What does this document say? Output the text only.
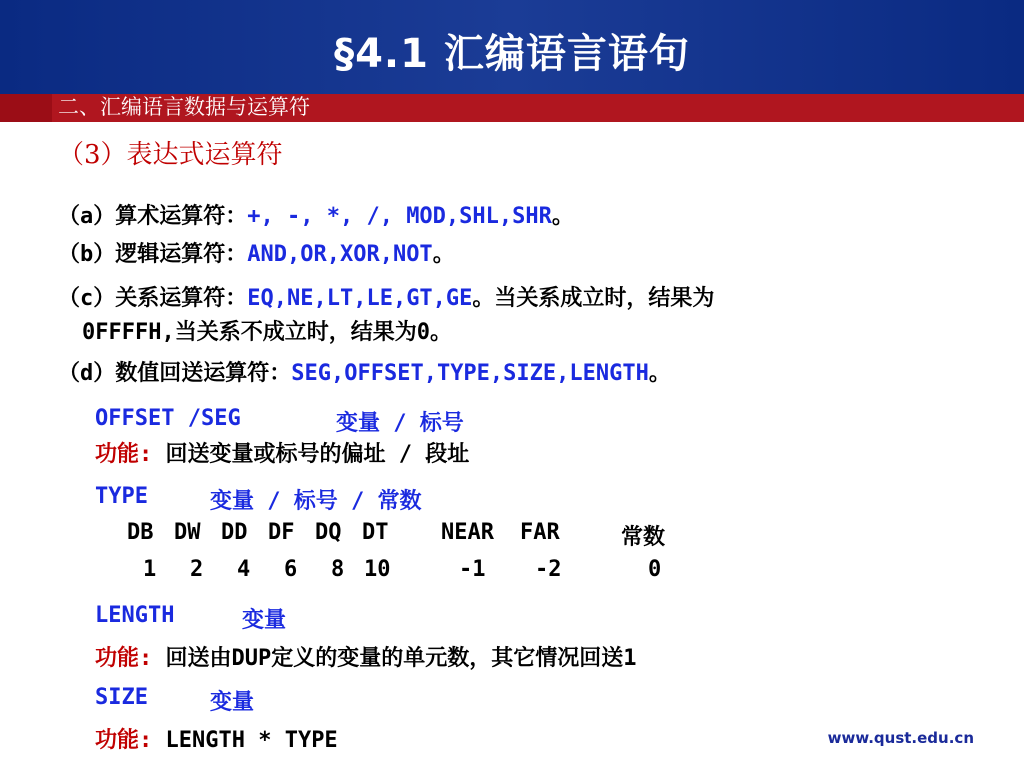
§4.1 汇编语言语句
二、汇编语言数据与运算符
（3）表达式运算符
（a）算术运算符：+, -, *, /, MOD,SHL,SHR。
（b）逻辑运算符：AND,OR,XOR,NOT。
（c）关系运算符：EQ,NE,LT,LE,GT,GE。当关系成立时，结果为
0FFFFH,当关系不成立时，结果为0。
（d）数值回送运算符：SEG,OFFSET,TYPE,SIZE,LENGTH。
OFFSET /SEG	变量 / 标号
功能: 回送变量或标号的偏址 / 段址
TYPE	变量 / 标号 / 常数
DB DW DD DF DQ DT NEAR FAR	常数
1 2 4 6 8 10	-1 -2	0
LENGTH	变量
功能: 回送由DUP定义的变量的单元数，其它情况回送1
SIZE	变量
功能: LENGTH * TYPE	www.qust.edu.cn
